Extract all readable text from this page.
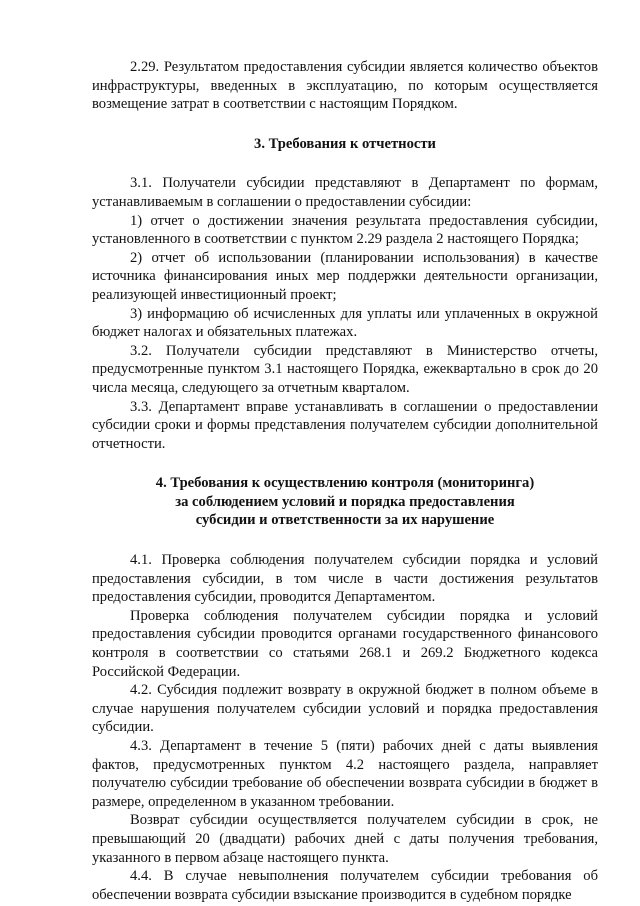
2.29. Результатом предоставления субсидии является количество объектов инфраструктуры, введенных в эксплуатацию, по которым осуществляется возмещение затрат в соответствии с настоящим Порядком.

3. Требования к отчетности

3.1. Получатели субсидии представляют в Департамент по формам, устанавливаемым в соглашении о предоставлении субсидии:

1) отчет о достижении значения результата предоставления субсидии, установленного в соответствии с пунктом 2.29 раздела 2 настоящего Порядка;

2) отчет об использовании (планировании использования) в качестве источника финансирования иных мер поддержки деятельности организации, реализующей инвестиционный проект;

3) информацию об исчисленных для уплаты или уплаченных в окружной бюджет налогах и обязательных платежах.

3.2. Получатели субсидии представляют в Министерство отчеты, предусмотренные пунктом 3.1 настоящего Порядка, ежеквартально в срок до 20 числа месяца, следующего за отчетным кварталом.

3.3. Департамент вправе устанавливать в соглашении о предоставлении субсидии сроки и формы представления получателем субсидии дополнительной отчетности.

4. Требования к осуществлению контроля (мониторинга)

за соблюдением условий и порядка предоставления

субсидии и ответственности за их нарушение

4.1. Проверка соблюдения получателем субсидии порядка и условий предоставления субсидии, в том числе в части достижения результатов предоставления субсидии, проводится Департаментом.

Проверка соблюдения получателем субсидии порядка и условий предоставления субсидии проводится органами государственного финансового контроля в соответствии со статьями 268.1 и 269.2 Бюджетного кодекса Российской Федерации.

4.2. Субсидия подлежит возврату в окружной бюджет в полном объеме в случае нарушения получателем субсидии условий и порядка предоставления субсидии.

4.3. Департамент в течение 5 (пяти) рабочих дней с даты выявления фактов, предусмотренных пунктом 4.2 настоящего раздела, направляет получателю субсидии требование об обеспечении возврата субсидии в бюджет в размере, определенном в указанном требовании.

Возврат субсидии осуществляется получателем субсидии в срок, не превышающий 20 (двадцати) рабочих дней с даты получения требования, указанного в первом абзаце настоящего пункта.

4.4. В случае невыполнения получателем субсидии требования об обеспечении возврата субсидии взыскание производится в судебном порядке
